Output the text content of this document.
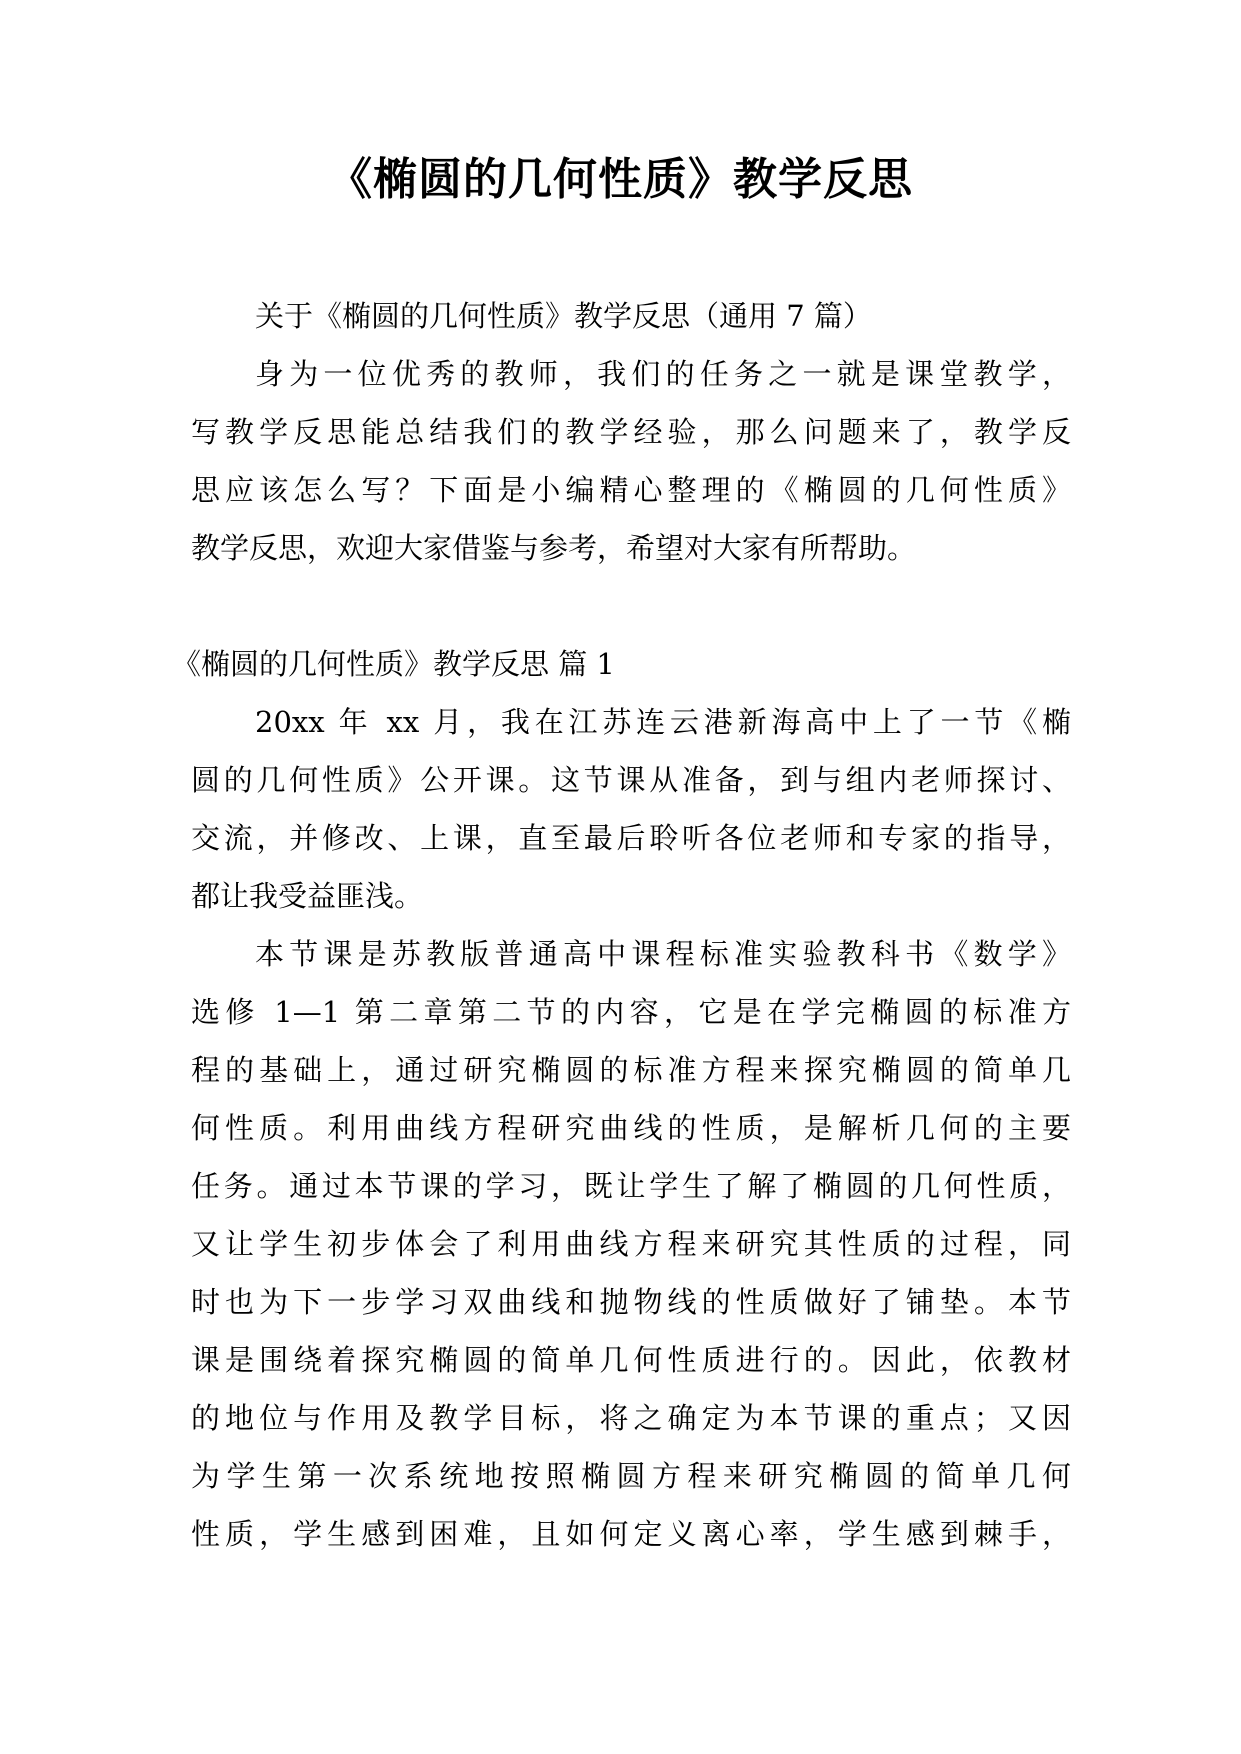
《椭圆的几何性质》教学反思
关于《椭圆的几何性质》教学反思（通用 7 篇）
身为一位优秀的教师，我们的任务之一就是课堂教学，
写教学反思能总结我们的教学经验，那么问题来了，教学反
思应该怎么写？下面是小编精心整理的《椭圆的几何性质》
教学反思，欢迎大家借鉴与参考，希望对大家有所帮助。
《椭圆的几何性质》教学反思 篇 1
20xx 年 xx 月，我在江苏连云港新海高中上了一节《椭
圆的几何性质》公开课。这节课从准备，到与组内老师探讨、
交流，并修改、上课，直至最后聆听各位老师和专家的指导，
都让我受益匪浅。
本节课是苏教版普通高中课程标准实验教科书《数学》
选修 1—1 第二章第二节的内容，它是在学完椭圆的标准方
程的基础上，通过研究椭圆的标准方程来探究椭圆的简单几
何性质。利用曲线方程研究曲线的性质，是解析几何的主要
任务。通过本节课的学习，既让学生了解了椭圆的几何性质，
又让学生初步体会了利用曲线方程来研究其性质的过程，同
时也为下一步学习双曲线和抛物线的性质做好了铺垫。本节
课是围绕着探究椭圆的简单几何性质进行的。因此，依教材
的地位与作用及教学目标，将之确定为本节课的重点；又因
为学生第一次系统地按照椭圆方程来研究椭圆的简单几何
性质，学生感到困难，且如何定义离心率，学生感到棘手，
